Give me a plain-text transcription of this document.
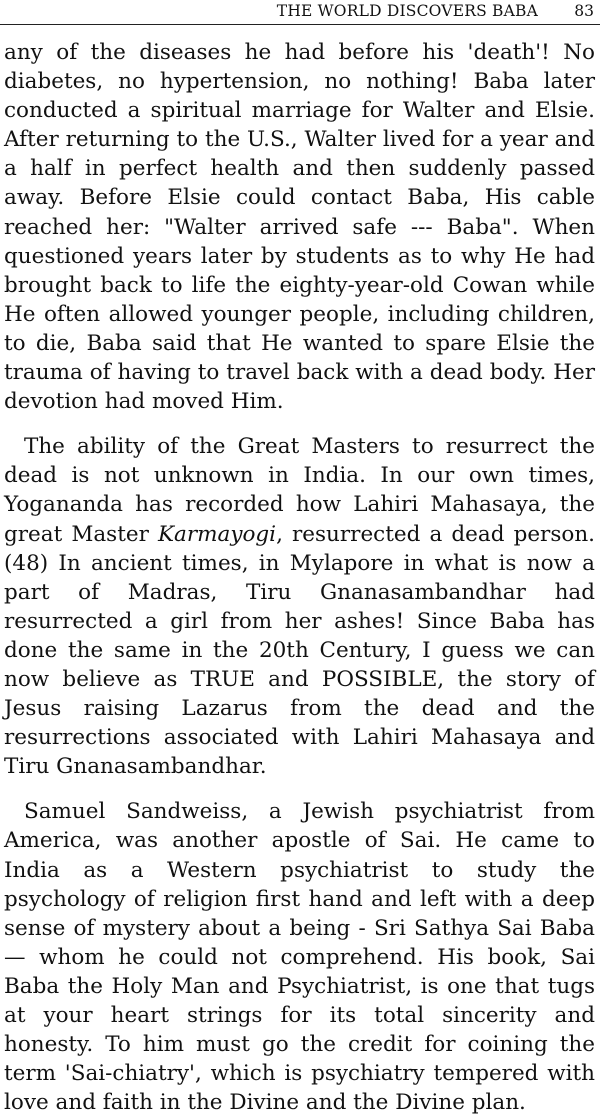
THE WORLD DISCOVERS BABA 83

any of the diseases he had before his 'death'! No diabetes, no hypertension, no nothing! Baba later conducted a spiritual marriage for Walter and Elsie. After returning to the U.S., Walter lived for a year and a half in perfect health and then suddenly passed away. Before Elsie could contact Baba, His cable reached her: "Walter arrived safe --- Baba". When questioned years later by students as to why He had brought back to life the eighty-year-old Cowan while He often allowed younger people, including children, to die, Baba said that He wanted to spare Elsie the trauma of having to travel back with a dead body. Her devotion had moved Him.

The ability of the Great Masters to resurrect the dead is not unknown in India. In our own times, Yogananda has recorded how Lahiri Mahasaya, the great Master Karmayogi, resurrected a dead person.(48) In ancient times, in Mylapore in what is now a part of Madras, Tiru Gnanasambandhar had resurrected a girl from her ashes! Since Baba has done the same in the 20th Century, I guess we can now believe as TRUE and POSSIBLE, the story of Jesus raising Lazarus from the dead and the resurrections associated with Lahiri Mahasaya and Tiru Gnanasambandhar.

Samuel Sandweiss, a Jewish psychiatrist from America, was another apostle of Sai. He came to India as a Western psychiatrist to study the psychology of religion first hand and left with a deep sense of mystery about a being - Sri Sathya Sai Baba — whom he could not comprehend. His book, Sai Baba the Holy Man and Psychiatrist, is one that tugs at your heart strings for its total sincerity and honesty. To him must go the credit for coining the term 'Sai-chiatry', which is psychiatry tempered with love and faith in the Divine and the Divine plan.
